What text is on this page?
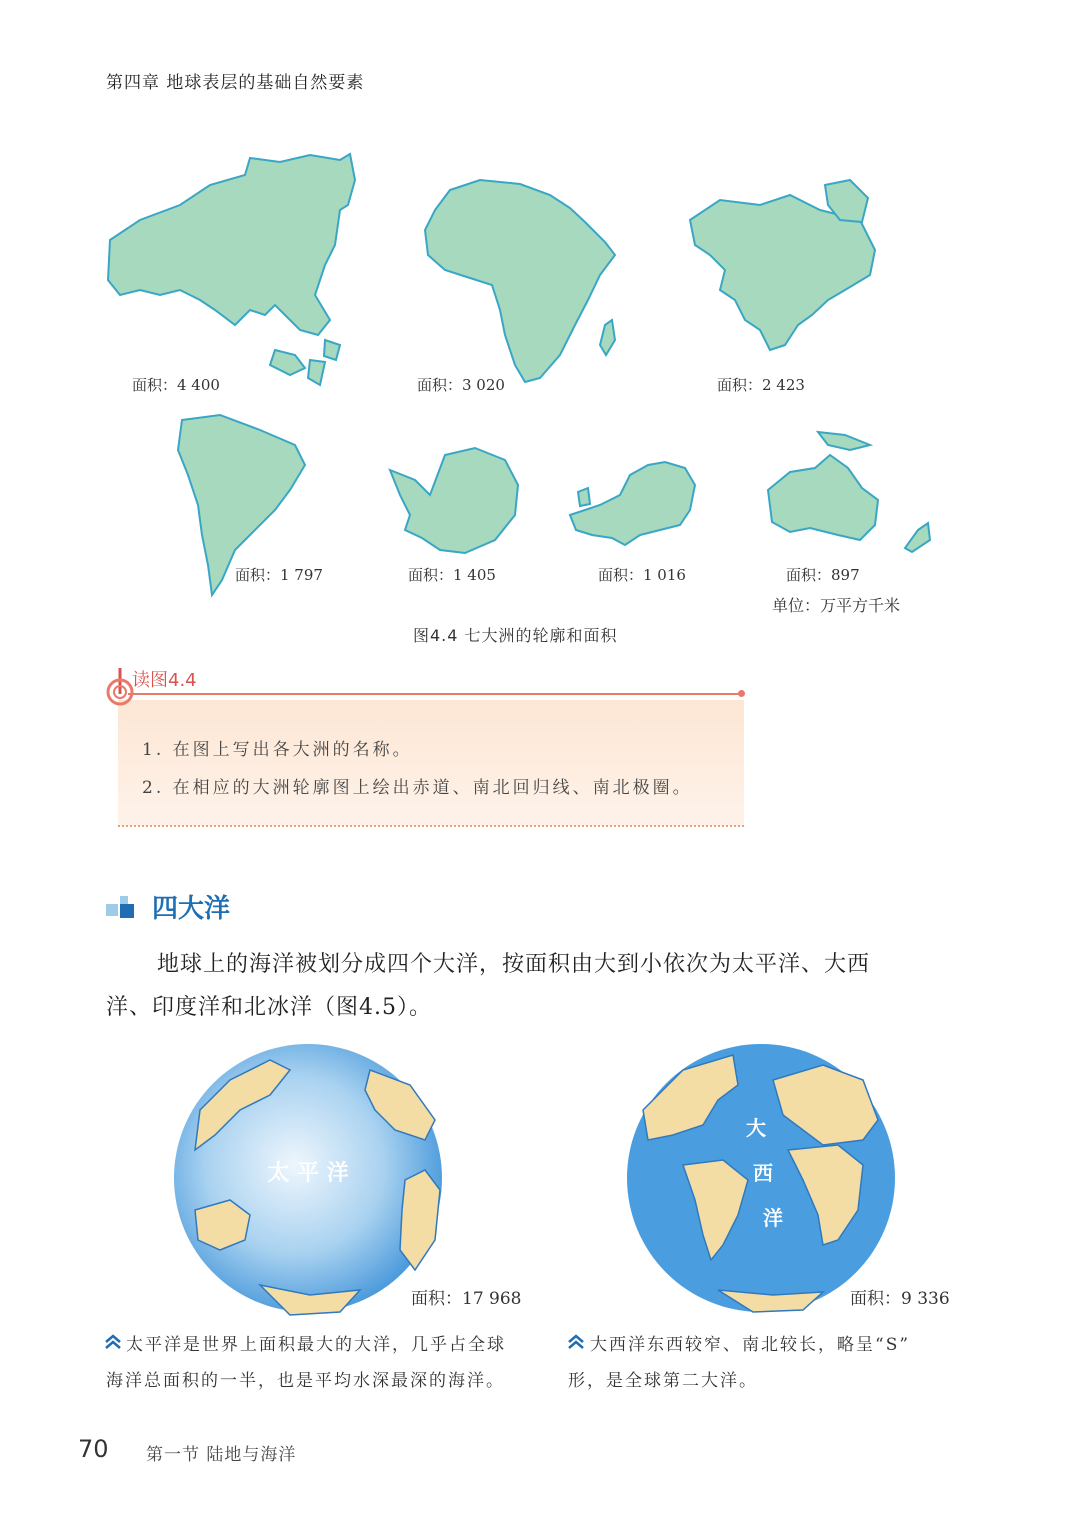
第四章 地球表层的基础自然要素
面积：4 400	面积：3 020	面积：2 423
面积：1 797	面积：1 405	面积：1 016	面积：897
单位：万平方千米
图4.4 七大洲的轮廓和面积
读图4.4
1. 在图上写出各大洲的名称。
2. 在相应的大洲轮廓图上绘出赤道、南北回归线、南北极圈。
四大洋
地球上的海洋被划分成四个大洋，按面积由大到小依次为太平洋、大西
洋、印度洋和北冰洋（图4.5）。
太 平 洋
面积：17 968
大
西
洋
面积：9 336
太平洋是世界上面积最大的大洋，几乎占全球
海洋总面积的一半，也是平均水深最深的海洋。
大西洋东西较窄、南北较长，略呈“S”
形，是全球第二大洋。
70 第一节 陆地与海洋
